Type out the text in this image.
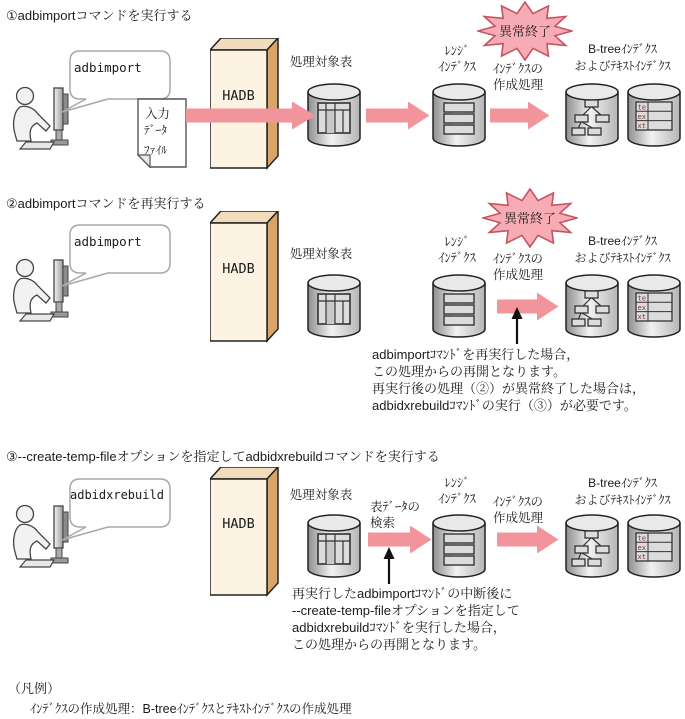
①adbimportコマンドを実行する
adbimport
入力
ﾃﾞｰﾀ
ﾌｧｲﾙ
HADB
処理対象表
ﾚﾝｼﾞ
ｲﾝﾃﾞｸｽ	ｲﾝﾃﾞｸｽの
作成処理
異常終了
B-treeｲﾝﾃﾞｸｽ
およびﾃｷｽﾄｲﾝﾃﾞｸｽ
te
ex
xt
②adbimportコマンドを再実行する
adbimport
HADB
処理対象表
ﾚﾝｼﾞ
ｲﾝﾃﾞｸｽ	ｲﾝﾃﾞｸｽの
作成処理
異常終了
B-treeｲﾝﾃﾞｸｽ
およびﾃｷｽﾄｲﾝﾃﾞｸｽ
te
ex
xt
adbimportｺﾏﾝﾄﾞを再実行した場合，
この処理からの再開となります。
再実行後の処理（②）が異常終了した場合は，
adbidxrebuildｺﾏﾝﾄﾞの実行（③）が必要です。
③--create-temp-fileオプションを指定してadbidxrebuildコマンドを実行する
adbidxrebuild
HADB
処理対象表
表ﾃﾞｰﾀの
検索
ﾚﾝｼﾞ
ｲﾝﾃﾞｸｽ	ｲﾝﾃﾞｸｽの
作成処理
B-treeｲﾝﾃﾞｸｽ
およびﾃｷｽﾄｲﾝﾃﾞｸｽ
te
ex
xt
再実行したadbimportｺﾏﾝﾄﾞの中断後に
--create-temp-fileオプションを指定して
adbidxrebuildｺﾏﾝﾄﾞを実行した場合，
この処理からの再開となります。
（凡例）
ｲﾝﾃﾞｸｽの作成処理：B-treeｲﾝﾃﾞｸｽとﾃｷｽﾄｲﾝﾃﾞｸｽの作成処理
